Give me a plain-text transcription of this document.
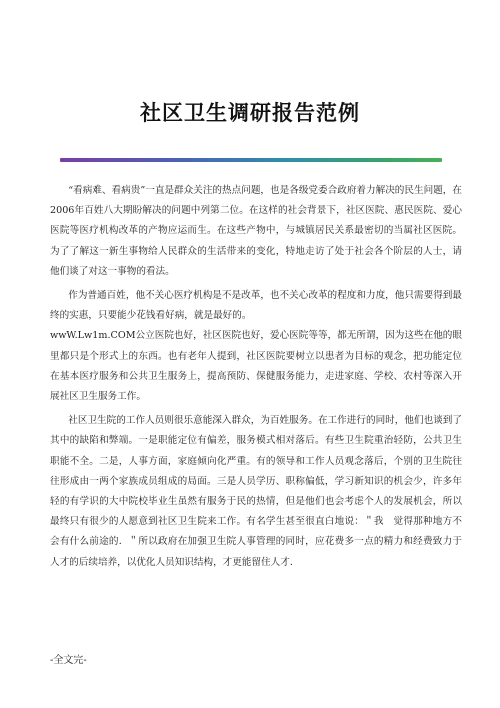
社区卫生调研报告范例

“看病难、看病贵”一直是群众关注的热点问题，也是各级党委合政府着力解决的民生问题，在2006年百姓八大期盼解决的问题中列第二位。在这样的社会背景下，社区医院、惠民医院、爱心医院等医疗机构改革的产物应运而生。在这些产物中，与城镇居民关系最密切的当属社区医院。为了了解这一新生事物给人民群众的生活带来的变化，特地走访了处于社会各个阶层的人士，请他们谈了对这一事物的看法。

作为普通百姓，他不关心医疗机构是不是改革，也不关心改革的程度和力度，他只需要得到最终的实惠，只要能少花钱看好病，就是最好的。

wwW.Lw1m.COM公立医院也好，社区医院也好，爱心医院等等，都无所谓，因为这些在他的眼里都只是个形式上的东西。也有老年人提到，社区医院要树立以患者为目标的观念，把功能定位在基本医疗服务和公共卫生服务上，提高预防、保健服务能力，走进家庭、学校、农村等深入开展社区卫生服务工作。

社区卫生院的工作人员则很乐意能深入群众，为百姓服务。在工作进行的同时，他们也谈到了其中的缺陷和弊端。一是职能定位有偏差，服务模式相对落后。有些卫生院重治轻防，公共卫生职能不全。二是，人事方面，家庭倾向化严重。有的领导和工作人员观念落后，个别的卫生院往往形成由一两个家族成员组成的局面。三是人员学历、职称偏低，学习新知识的机会少，许多年轻的有学识的大中院校毕业生虽然有服务于民的热情，但是他们也会考虑个人的发展机会，所以最终只有很少的人愿意到社区卫生院来工作。有名学生甚至很直白地说：＂我　觉得那种地方不会有什么前途的．＂所以政府在加强卫生院人事管理的同时，应花费多一点的精力和经费致力于人才的后续培养，以优化人员知识结构，才更能留住人才．

-全文完-
